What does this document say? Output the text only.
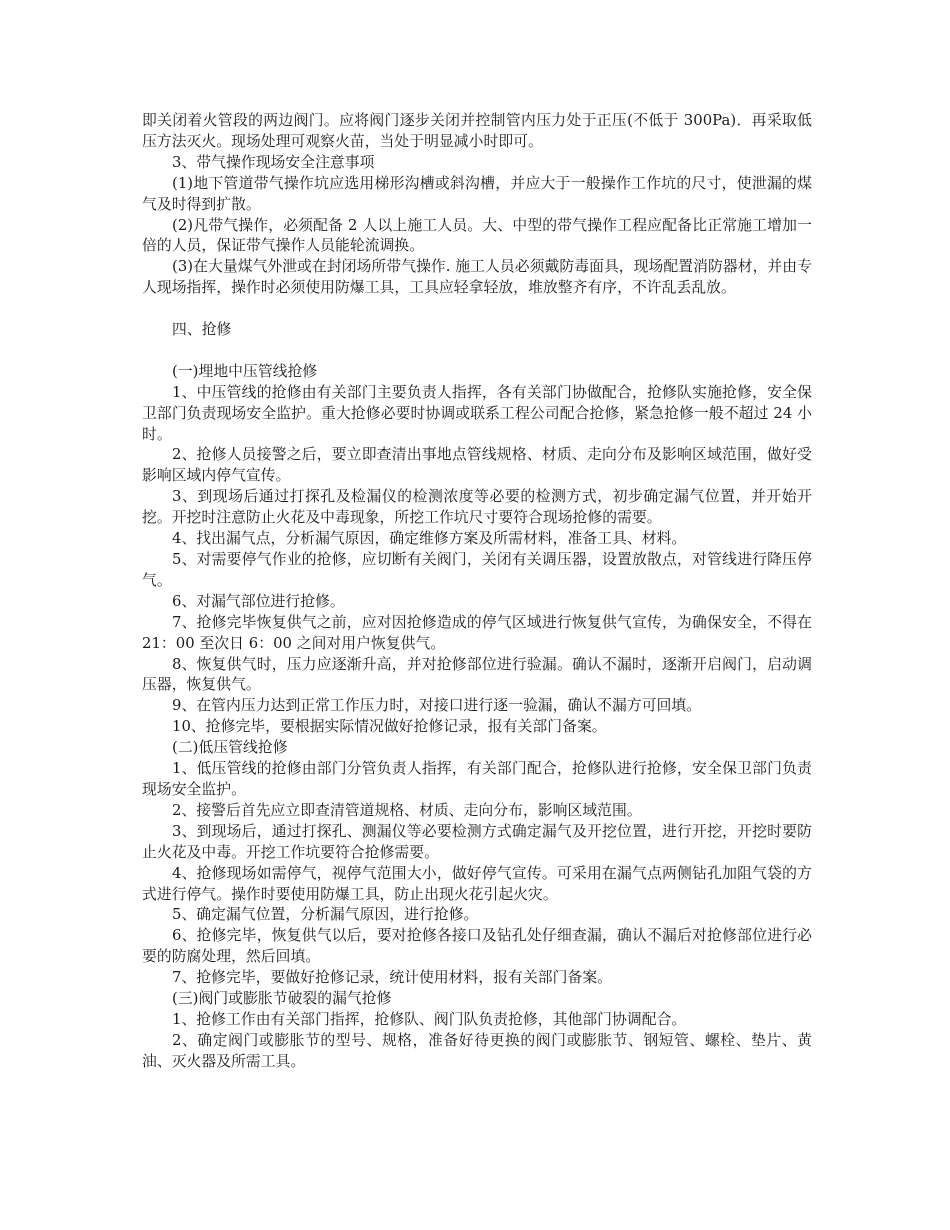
即关闭着火管段的两边阀门。应将阀门逐步关闭并控制管内压力处于正压(不低于 300Pa)．再采取低压方法灭火。现场处理可观察火苗，当处于明显减小时即可。

3、带气操作现场安全注意事项

(1)地下管道带气操作坑应选用梯形沟槽或斜沟槽，并应大于一般操作工作坑的尺寸，使泄漏的煤气及时得到扩散。

(2)凡带气操作，必须配备 2 人以上施工人员。大、中型的带气操作工程应配备比正常施工增加一倍的人员，保证带气操作人员能轮流调换。

(3)在大量煤气外泄或在封闭场所带气操作. 施工人员必须戴防毒面具，现场配置消防器材，并由专人现场指挥，操作时必须使用防爆工具，工具应轻拿轻放，堆放整齐有序，不许乱丢乱放。

四、抢修

(一)埋地中压管线抢修

1、中压管线的抢修由有关部门主要负责人指挥，各有关部门协做配合，抢修队实施抢修，安全保卫部门负责现场安全监护。重大抢修必要时协调或联系工程公司配合抢修，紧急抢修一般不超过 24 小时。

2、抢修人员接警之后，要立即查清出事地点管线规格、材质、走向分布及影响区域范围，做好受影响区域内停气宣传。

3、到现场后通过打探孔及检漏仪的检测浓度等必要的检测方式，初步确定漏气位置，并开始开挖。开挖时注意防止火花及中毒现象，所挖工作坑尺寸要符合现场抢修的需要。

4、找出漏气点，分析漏气原因，确定维修方案及所需材料，准备工具、材料。

5、对需要停气作业的抢修，应切断有关阀门，关闭有关调压器，设置放散点，对管线进行降压停气。

6、对漏气部位进行抢修。

7、抢修完毕恢复供气之前，应对因抢修造成的停气区域进行恢复供气宣传，为确保安全，不得在 21：00 至次日 6：00 之间对用户恢复供气。

8、恢复供气时，压力应逐渐升高，并对抢修部位进行验漏。确认不漏时，逐渐开启阀门，启动调压器，恢复供气。

9、在管内压力达到正常工作压力时，对接口进行逐一验漏，确认不漏方可回填。

10、抢修完毕，要根据实际情况做好抢修记录，报有关部门备案。

(二)低压管线抢修

1、低压管线的抢修由部门分管负责人指挥，有关部门配合，抢修队进行抢修，安全保卫部门负责现场安全监护。

2、接警后首先应立即查清管道规格、材质、走向分布，影响区域范围。

3、到现场后，通过打探孔、测漏仪等必要检测方式确定漏气及开挖位置，进行开挖，开挖时要防止火花及中毒。开挖工作坑要符合抢修需要。

4、抢修现场如需停气，视停气范围大小，做好停气宣传。可采用在漏气点两侧钻孔加阻气袋的方式进行停气。操作时要使用防爆工具，防止出现火花引起火灾。

5、确定漏气位置，分析漏气原因，进行抢修。

6、抢修完毕，恢复供气以后，要对抢修各接口及钻孔处仔细查漏，确认不漏后对抢修部位进行必要的防腐处理，然后回填。

7、抢修完毕，要做好抢修记录，统计使用材料，报有关部门备案。

(三)阀门或膨胀节破裂的漏气抢修

1、抢修工作由有关部门指挥，抢修队、阀门队负责抢修，其他部门协调配合。

2、确定阀门或膨胀节的型号、规格，准备好待更换的阀门或膨胀节、钢短管、螺栓、垫片、黄油、灭火器及所需工具。
